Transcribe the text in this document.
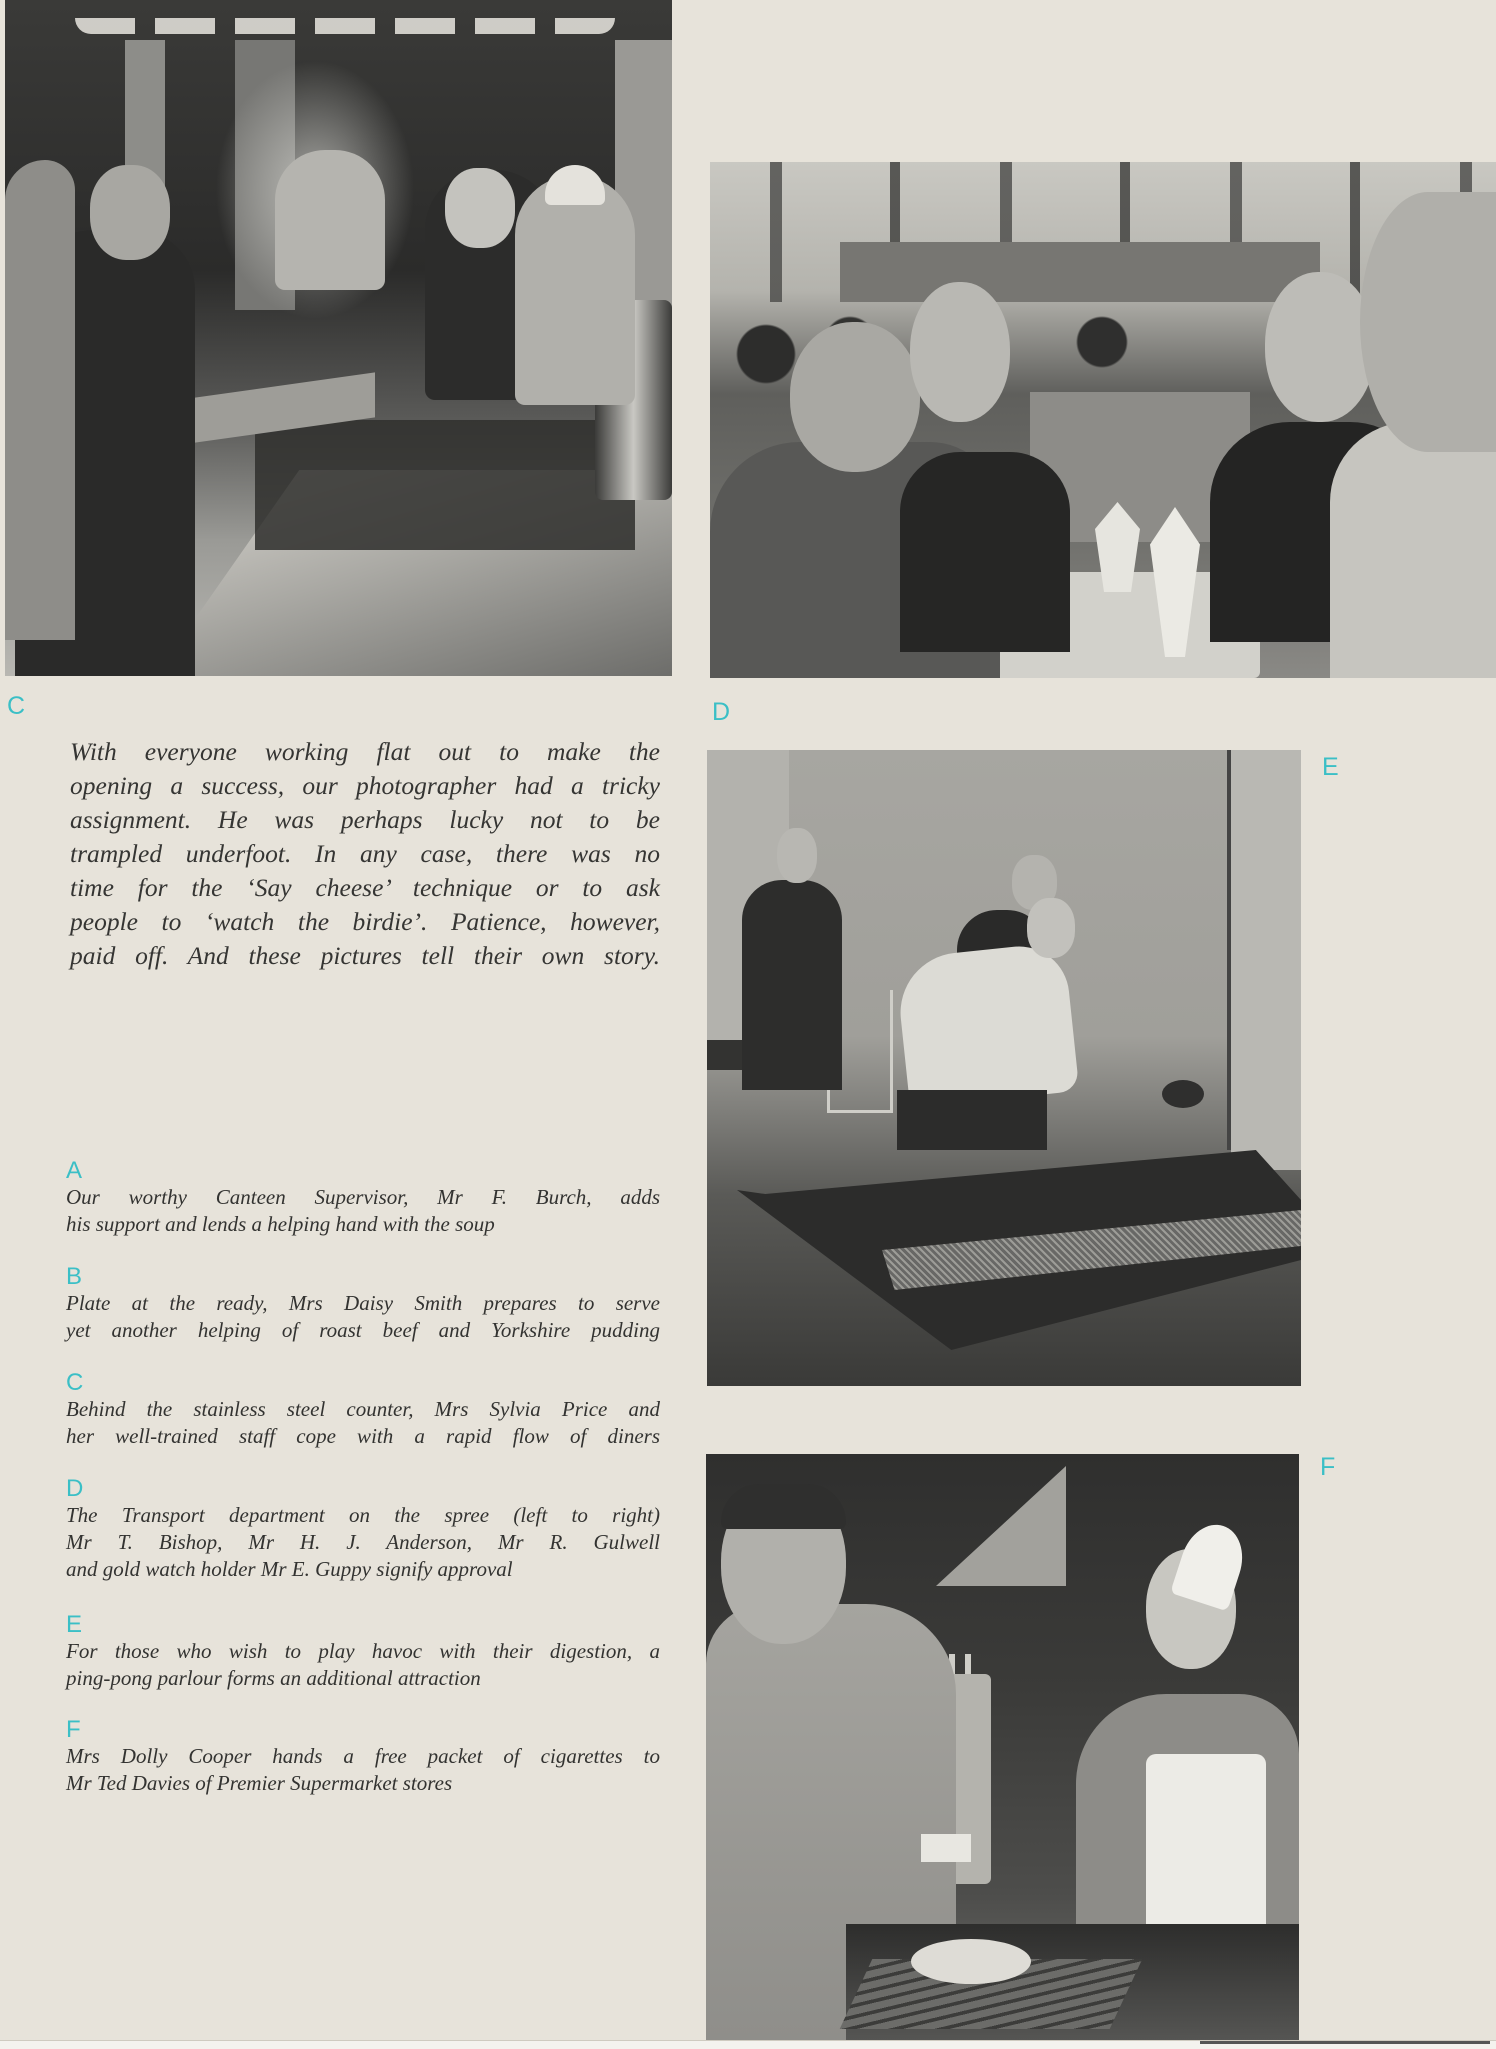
C	D
E
F
With everyone working flat out to make the
opening a success, our photographer had a tricky
assignment. He was perhaps lucky not to be
trampled underfoot. In any case, there was no
time for the ‘Say cheese’ technique or to ask
people to ‘watch the birdie’. Patience, however,
paid off. And these pictures tell their own story.
A
Our worthy Canteen Supervisor, Mr F. Burch, adds
his support and lends a helping hand with the soup
B
Plate at the ready, Mrs Daisy Smith prepares to serve
yet another helping of roast beef and Yorkshire pudding
C
Behind the stainless steel counter, Mrs Sylvia Price and
her well-trained staff cope with a rapid flow of diners
D
The Transport department on the spree (left to right)
Mr T. Bishop, Mr H. J. Anderson, Mr R. Gulwell
and gold watch holder Mr E. Guppy signify approval
E
For those who wish to play havoc with their digestion, a
ping-pong parlour forms an additional attraction
F
Mrs Dolly Cooper hands a free packet of cigarettes to
Mr Ted Davies of Premier Supermarket stores
